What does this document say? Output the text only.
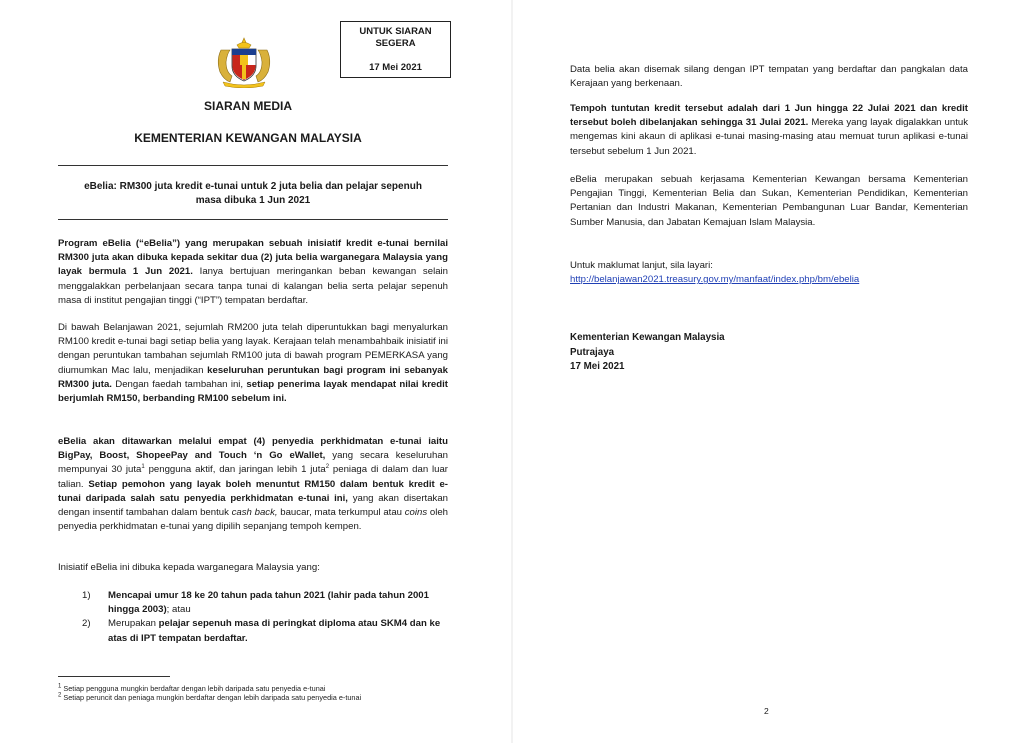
UNTUK SIARAN
SEGERA
17 Mei 2021
SIARAN MEDIA
KEMENTERIAN KEWANGAN MALAYSIA
eBelia: RM300 juta kredit e-tunai untuk 2 juta belia dan pelajar sepenuh
masa dibuka 1 Jun 2021
Program eBelia (“eBelia”) yang merupakan sebuah inisiatif kredit e-tunai bernilai RM300 juta akan dibuka kepada sekitar dua (2) juta belia warganegara Malaysia yang layak bermula 1 Jun 2021. Ianya bertujuan meringankan beban kewangan selain menggalakkan perbelanjaan secara tanpa tunai di kalangan belia serta pelajar sepenuh masa di institut pengajian tinggi (“IPT”) tempatan berdaftar.
Di bawah Belanjawan 2021, sejumlah RM200 juta telah diperuntukkan bagi menyalurkan RM100 kredit e-tunai bagi setiap belia yang layak. Kerajaan telah menambahbaik inisiatif ini dengan peruntukan tambahan sejumlah RM100 juta di bawah program PEMERKASA yang diumumkan Mac lalu, menjadikan keseluruhan peruntukan bagi program ini sebanyak RM300 juta. Dengan faedah tambahan ini, setiap penerima layak mendapat nilai kredit berjumlah RM150, berbanding RM100 sebelum ini.
eBelia akan ditawarkan melalui empat (4) penyedia perkhidmatan e-tunai iaitu BigPay, Boost, ShopeePay and Touch ‘n Go eWallet, yang secara keseluruhan mempunyai 30 juta$^1$ pengguna aktif, dan jaringan lebih 1 juta$^2$ peniaga di dalam dan luar talian. Setiap pemohon yang layak boleh menuntut RM150 dalam bentuk kredit e-tunai daripada salah satu penyedia perkhidmatan e-tunai ini, yang akan disertakan dengan insentif tambahan dalam bentuk cash back, baucar, mata terkumpul atau coins oleh penyedia perkhidmatan e-tunai yang dipilih sepanjang tempoh kempen.
Inisiatif eBelia ini dibuka kepada warganegara Malaysia yang:
1) Mencapai umur 18 ke 20 tahun pada tahun 2021 (lahir pada tahun 2001 hingga 2003); atau
2) Merupakan pelajar sepenuh masa di peringkat diploma atau SKM4 dan ke atas di IPT tempatan berdaftar.
$^1$ Setiap pengguna mungkin berdaftar dengan lebih daripada satu penyedia e-tunai
$^2$ Setiap peruncit dan peniaga mungkin berdaftar dengan lebih daripada satu penyedia e-tunai
Data belia akan disemak silang dengan IPT tempatan yang berdaftar dan pangkalan data Kerajaan yang berkenaan.
Tempoh tuntutan kredit tersebut adalah dari 1 Jun hingga 22 Julai 2021 dan kredit tersebut boleh dibelanjakan sehingga 31 Julai 2021. Mereka yang layak digalakkan untuk mengemas kini akaun di aplikasi e-tunai masing-masing atau memuat turun aplikasi e-tunai tersebut sebelum 1 Jun 2021.
eBelia merupakan sebuah kerjasama Kementerian Kewangan bersama Kementerian Pengajian Tinggi, Kementerian Belia dan Sukan, Kementerian Pendidikan, Kementerian Pertanian dan Industri Makanan, Kementerian Pembangunan Luar Bandar, Kementerian Sumber Manusia, dan Jabatan Kemajuan Islam Malaysia.
Untuk maklumat lanjut, sila layari:
http://belanjawan2021.treasury.gov.my/manfaat/index.php/bm/ebelia
Kementerian Kewangan Malaysia
Putrajaya
17 Mei 2021
2
